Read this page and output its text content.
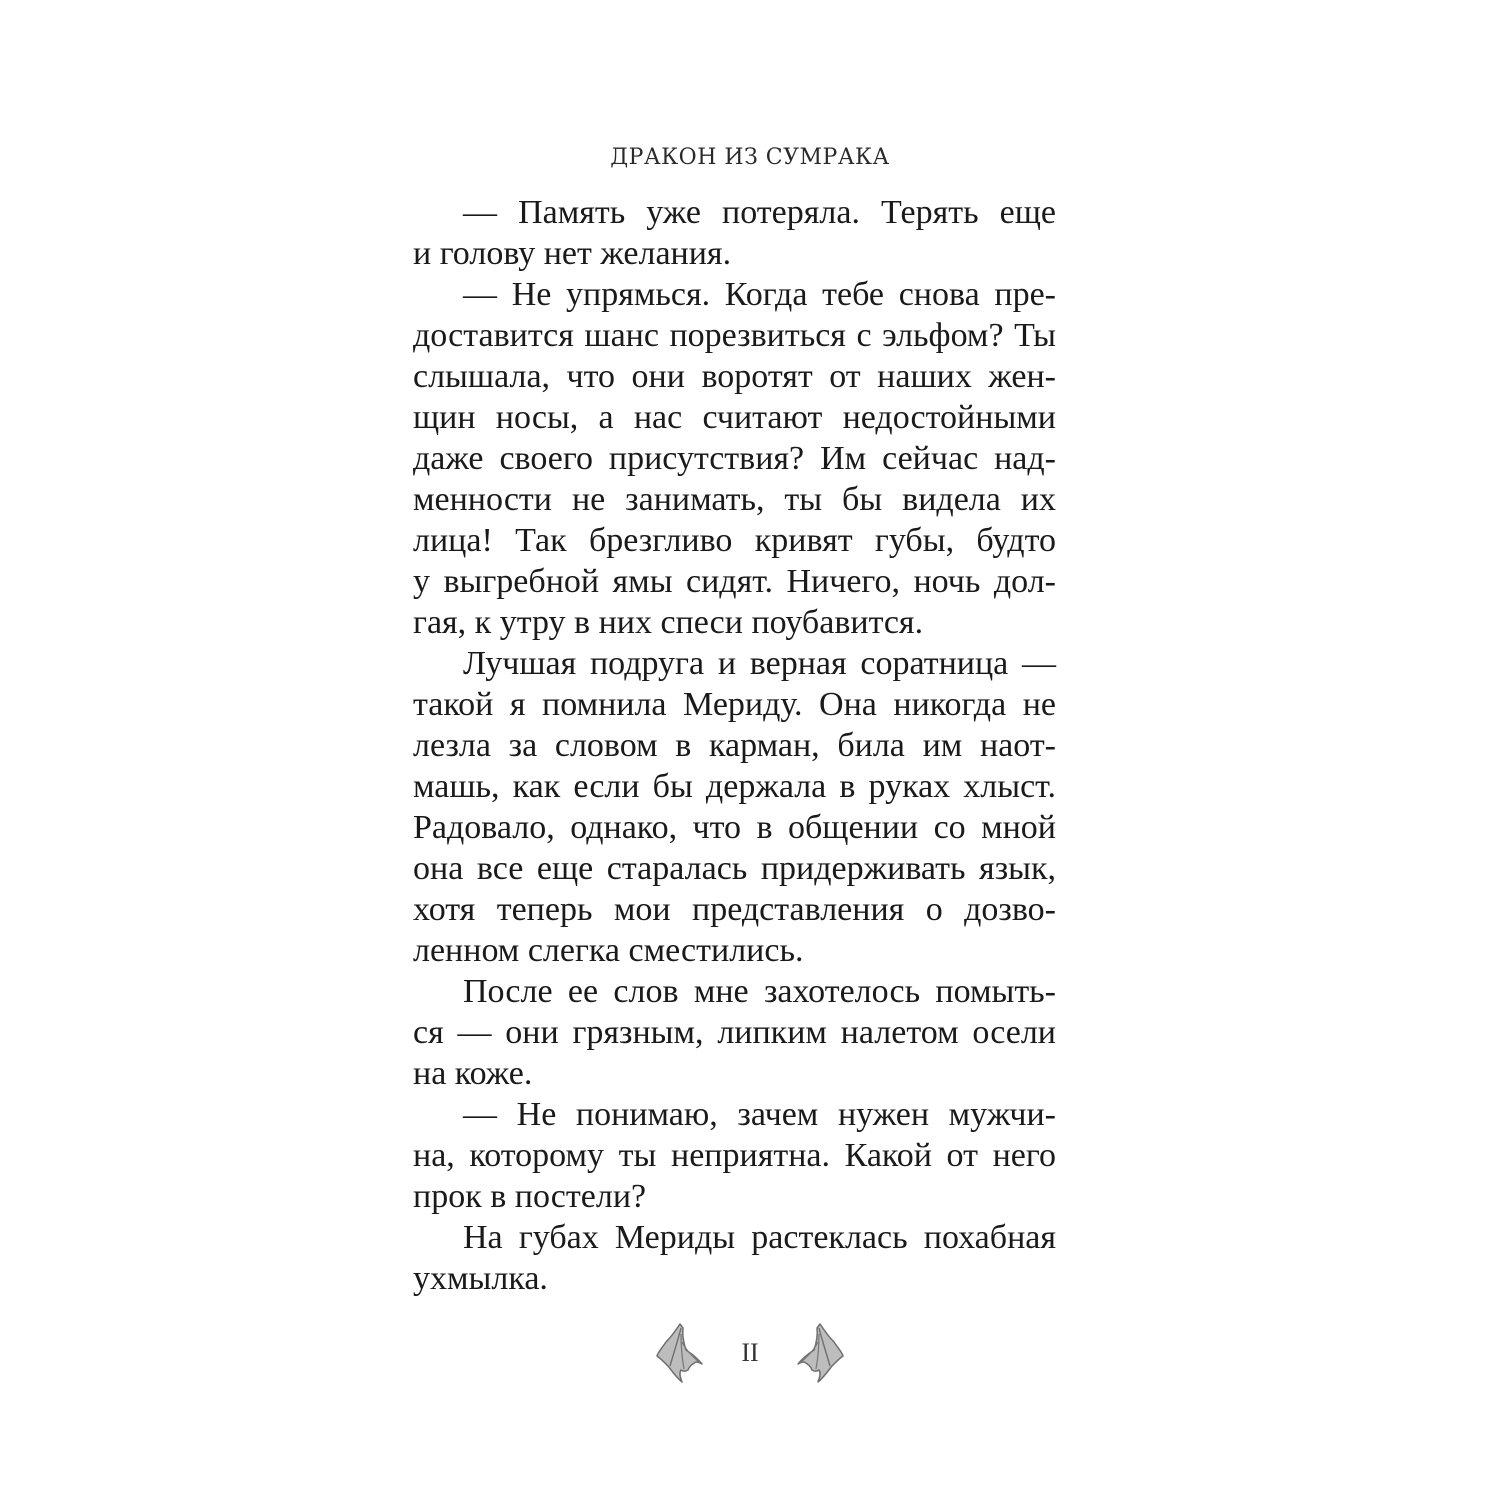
ДРАКОН ИЗ СУМРАКА
— Память уже потеряла. Терять еще
и голову нет желания.
— Не упрямься. Когда тебе снова пре-
доставится шанс порезвиться с эльфом? Ты
слышала, что они воротят от наших жен-
щин носы, а нас считают недостойными
даже своего присутствия? Им сейчас над-
менности не занимать, ты бы видела их
лица! Так брезгливо кривят губы, будто
у выгребной ямы сидят. Ничего, ночь дол-
гая, к утру в них спеси поубавится.
Лучшая подруга и верная соратница —
такой я помнила Мериду. Она никогда не
лезла за словом в карман, била им наот-
машь, как если бы держала в руках хлыст.
Радовало, однако, что в общении со мной
она все еще старалась придерживать язык,
хотя теперь мои представления о дозво-
ленном слегка сместились.
После ее слов мне захотелось помыть-
ся — они грязным, липким налетом осели
на коже.
— Не понимаю, зачем нужен мужчи-
на, которому ты неприятна. Какой от него
прок в постели?
На губах Мериды растеклась похабная
ухмылка.
II
